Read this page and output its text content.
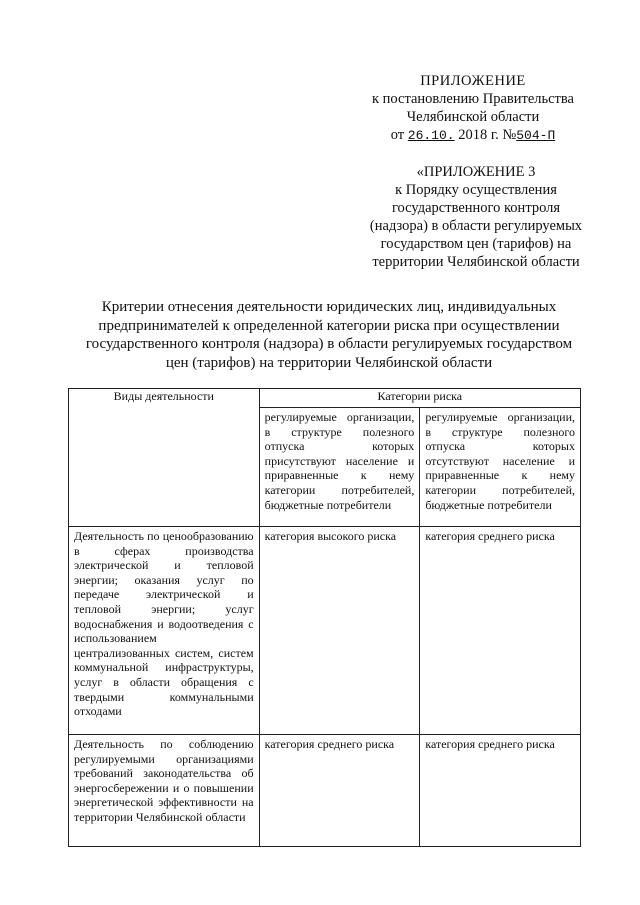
ПРИЛОЖЕНИЕ
к постановлению Правительства
Челябинской области
от 26.10. 2018 г. №504-П
«ПРИЛОЖЕНИЕ 3
к Порядку осуществления
государственного контроля
(надзора) в области регулируемых
государством цен (тарифов) на
территории Челябинской области
Критерии отнесения деятельности юридических лиц, индивидуальных
предпринимателей к определенной категории риска при осуществлении
государственного контроля (надзора) в области регулируемых государством
цен (тарифов) на территории Челябинской области
Виды деятельности	Категории риска	
	регулируемые организации, в структуре полезного отпуска которых присутствуют население и приравненные к нему категории потребителей, бюджетные потребители	регулируемые организации, в структуре полезного отпуска которых отсутствуют население и приравненные к нему категории потребителей, бюджетные потребители
Деятельность по ценообразованию в сферах производства электрической и тепловой энергии; оказания услуг по передаче электрической и тепловой энергии; услуг водоснабжения и водоотведения с использованием централизованных систем, систем коммунальной инфраструктуры, услуг в области обращения с твердыми коммунальными отходами	категория высокого риска	категория среднего риска
Деятельность по соблюдению регулируемыми организациями требований законодательства об энергосбережении и о повышении энергетической эффективности на территории Челябинской области	категория среднего риска	категория среднего риска
